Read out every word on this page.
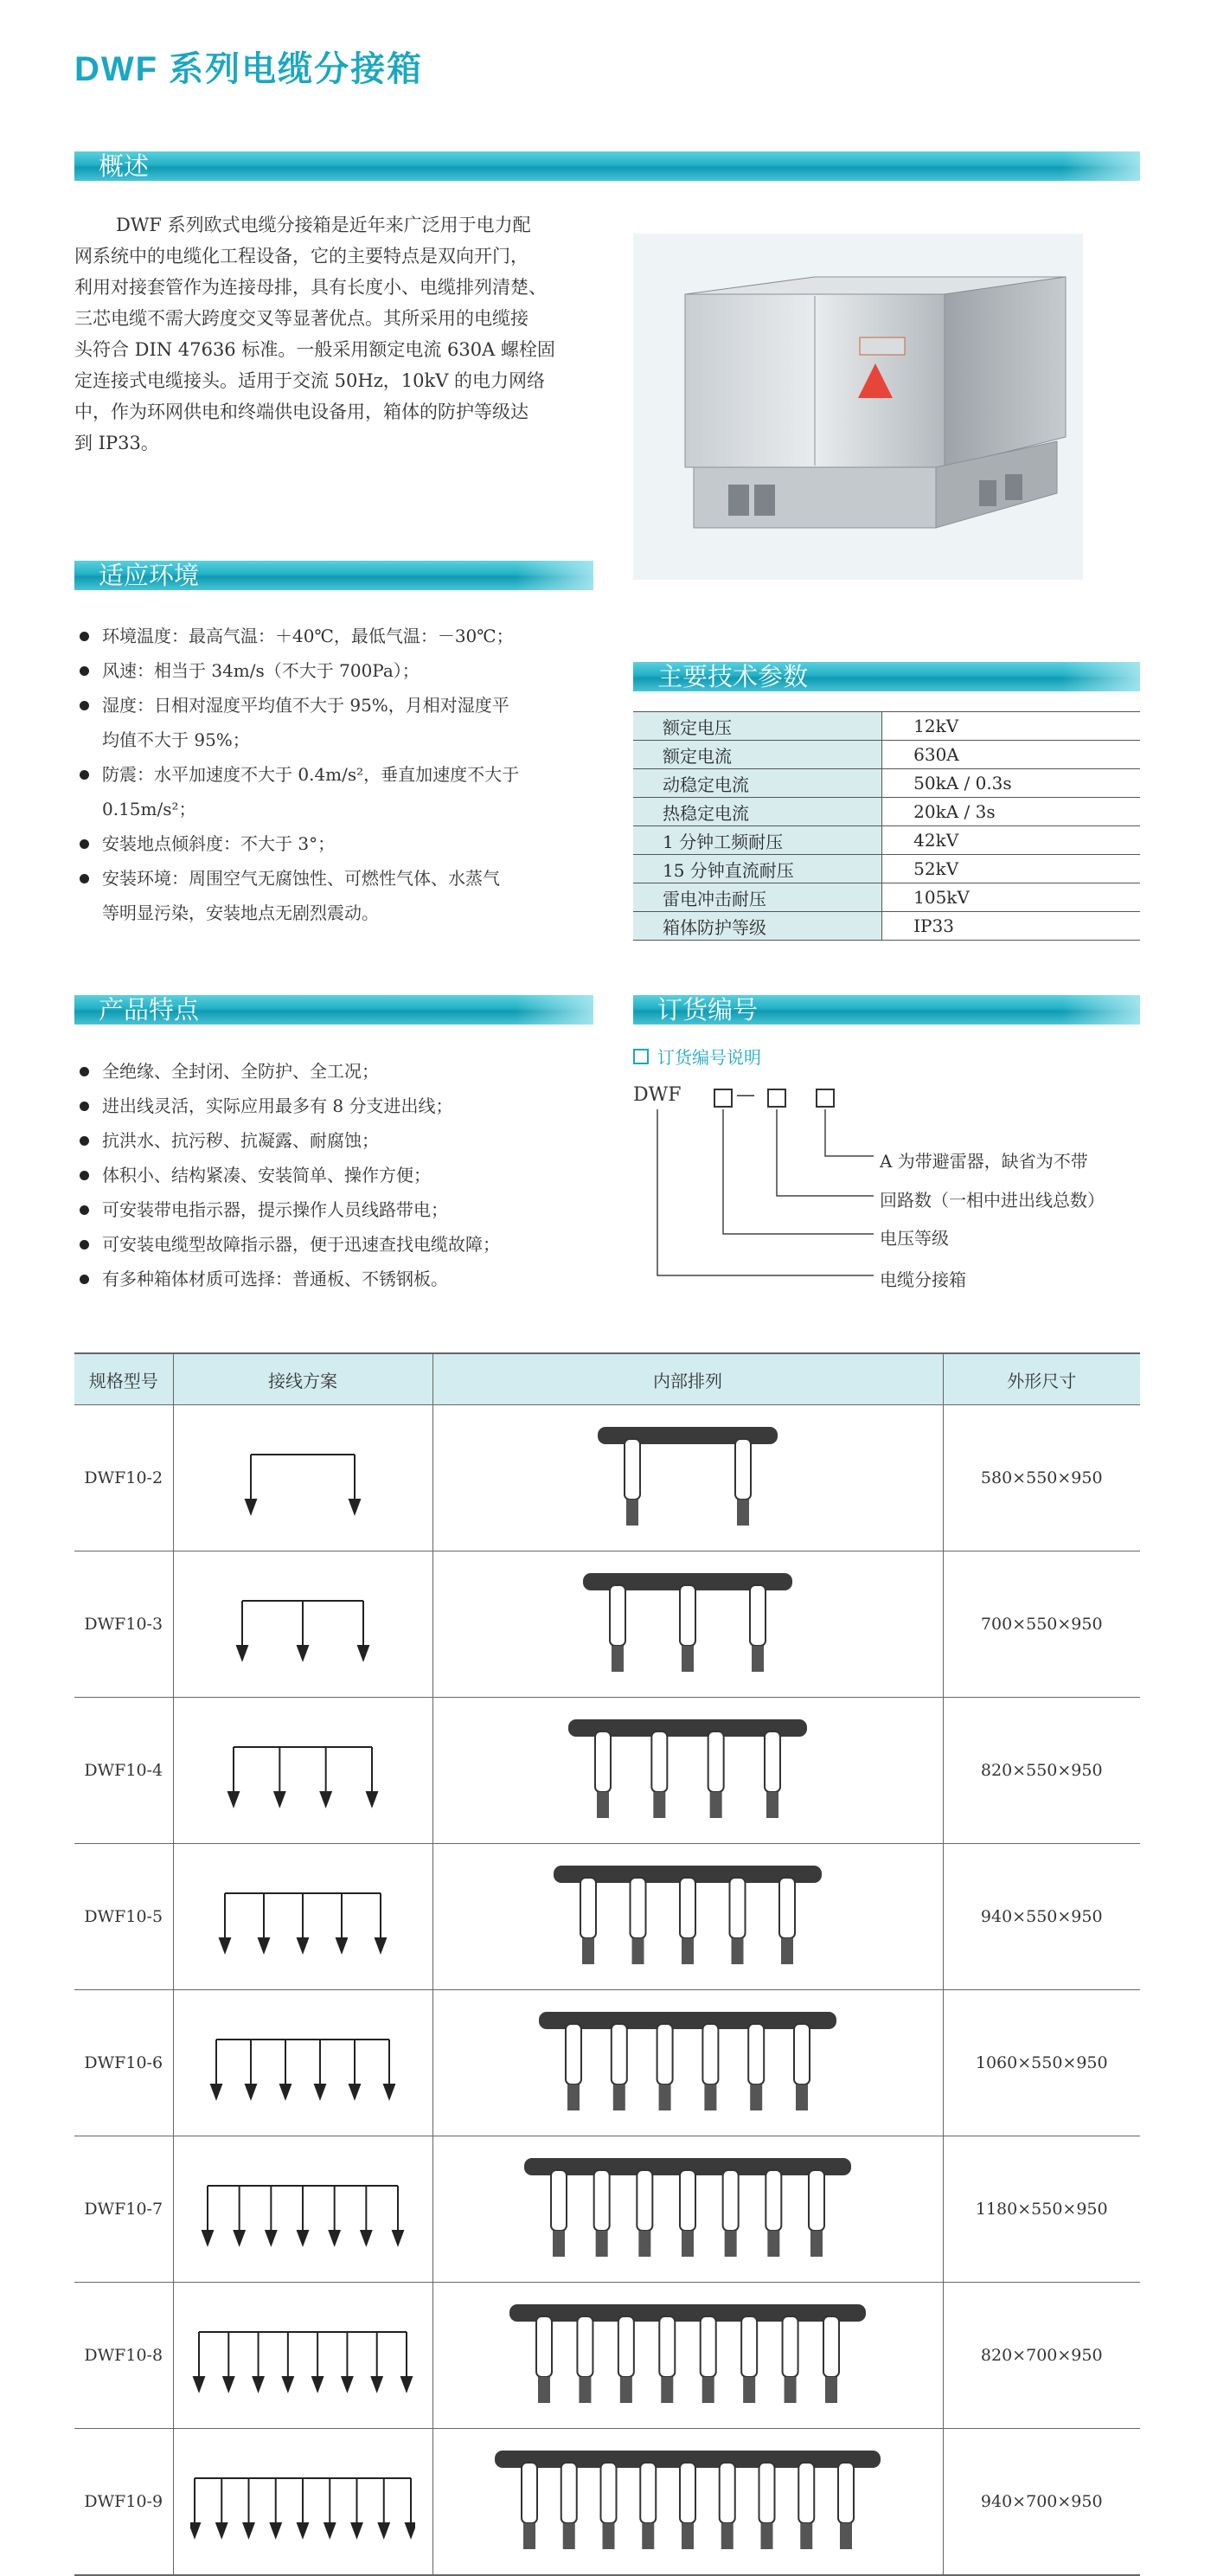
DWF 系列电缆分接箱
概述
DWF 系列欧式电缆分接箱是近年来广泛用于电力配
网系统中的电缆化工程设备，它的主要特点是双向开门，
利用对接套管作为连接母排，具有长度小、电缆排列清楚、
三芯电缆不需大跨度交叉等显著优点。其所采用的电缆接
头符合 DIN 47636 标准。一般采用额定电流 630A 螺栓固
定连接式电缆接头。适用于交流 50Hz，10kV 的电力网络
中，作为环网供电和终端供电设备用，箱体的防护等级达
到 IP33。
适应环境
环境温度：最高气温：＋40℃，最低气温：－30℃；
风速：相当于 34m/s（不大于 700Pa）；
湿度：日相对湿度平均值不大于 95%，月相对湿度平
均值不大于 95%；
防震：水平加速度不大于 0.4m/s²，垂直加速度不大于
0.15m/s²；
安装地点倾斜度：不大于 3°；
安装环境：周围空气无腐蚀性、可燃性气体、水蒸气
等明显污染，安装地点无剧烈震动。
产品特点
全绝缘、全封闭、全防护、全工况；
进出线灵活，实际应用最多有 8 分支进出线；
抗洪水、抗污秽、抗凝露、耐腐蚀；
体积小、结构紧凑、安装简单、操作方便；
可安装带电指示器，提示操作人员线路带电；
可安装电缆型故障指示器，便于迅速查找电缆故障；
有多种箱体材质可选择：普通板、不锈钢板。
主要技术参数
额定电压	12kV
额定电流	630A
动稳定电流	50kA / 0.3s
热稳定电流	20kA / 3s
1 分钟工频耐压	42kV
15 分钟直流耐压	52kV
雷电冲击耐压	105kV
箱体防护等级	IP33
订货编号
订货编号说明
DWF	—
A 为带避雷器，缺省为不带
回路数（一相中进出线总数）
电压等级
电缆分接箱
规格型号	接线方案	内部排列	外形尺寸
DWF10-2			580×550×950
DWF10-3			700×550×950
DWF10-4			820×550×950
DWF10-5			940×550×950
DWF10-6			1060×550×950
DWF10-7			1180×550×950
DWF10-8			820×700×950
DWF10-9			940×700×950
